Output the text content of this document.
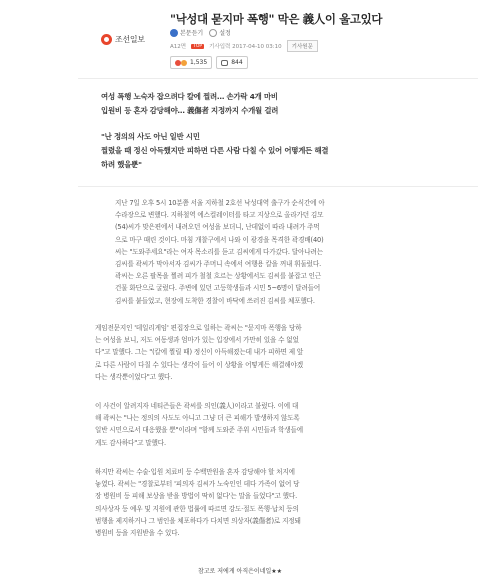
조선일보
"낙성대 묻지마 폭행" 막은 義人이 울고있다
본문듣기	설정
A12면	TOP	기사입력 2017-04-10 03:10	기사원문
1,535	844
여성 폭행 노숙자 잡으려다 칼에 찔려… 손가락 4개 마비
입원비 등 혼자 감당해야… 義傷者 지정까지 수개월 걸려
"난 정의의 사도 아닌 일반 시민
찔렸을 때 정신 아득했지만 피하면 다른 사람 다칠 수 있어 어떻게든 해결
하려 했을뿐"
지난 7일 오후 5시 10분쯤 서울 지하철 2호선 낙성대역 출구가 순식간에 아
수라장으로 변했다. 지하철역 에스컬레이터를 타고 지상으로 올라가던 김모
(54)씨가 맞은편에서 내려오던 여성을 보더니, 난데없이 따라 내려가 주먹
으로 마구 때린 것이다. 마침 개찰구에서 나와 이 광경을 목격한 곽경배(40)
씨는 "도와주세요"라는 여자 목소리를 듣고 김씨에게 다가갔다. 달아나려는
김씨를 곽씨가 막아서자 김씨가 주머니 속에서 여행용 칼을 꺼내 휘둘렀다.
곽씨는 오른 팔목을 찔려 피가 철철 흐르는 상황에서도 김씨를 붙잡고 인근
건물 화단으로 굴렀다. 주변에 있던 고등학생들과 시민 5~6명이 달려들어
김씨를 붙들었고, 현장에 도착한 경찰이 바닥에 쓰러진 김씨를 체포했다.
게임전문지인 '데일리게임' 편집장으로 일하는 곽씨는 "묻지마 폭행을 당하
는 여성을 보니, 저도 여동생과 엄마가 있는 입장에서 가만히 있을 수 없었
다"고 말했다. 그는 "(칼에 찔릴 때) 정신이 아득해졌는데 내가 피하면 제 앞
로 다른 사람이 다칠 수 있다는 생각이 들어 이 상황을 어떻게든 해결해야겠
다는 생각뿐이었다"고 했다.
이 사건이 알려지자 네티즌들은 곽씨를 의인(義人)이라고 불렀다. 이에 대
해 곽씨는 "나는 정의의 사도도 아니고 그냥 더 큰 피해가 발생하지 않도록
일반 시민으로서 대응했을 뿐"이라며 "함께 도와준 주위 시민들과 학생들에
게도 감사하다"고 말했다.
하지만 곽씨는 수술·입원 치료비 등 수백만원을 혼자 감당해야 할 처지에
놓였다. 곽씨는 "경찰로부터 '피의자 김씨가 노숙인인 데다 가족이 없어 당
장 병원비 등 피해 보상을 받을 방법이 딱히 없다'는 말을 들었다"고 했다.
의사상자 등 예우 및 지원에 관한 법률에 따르면 강도·절도 폭행·납치 등의
범행을 제지하거나 그 범인을 체포하다가 다치면 의상자(義傷者)로 지정돼
병원비 등을 지원받을 수 있다.
참고로 저에게 아직은이네일★★
